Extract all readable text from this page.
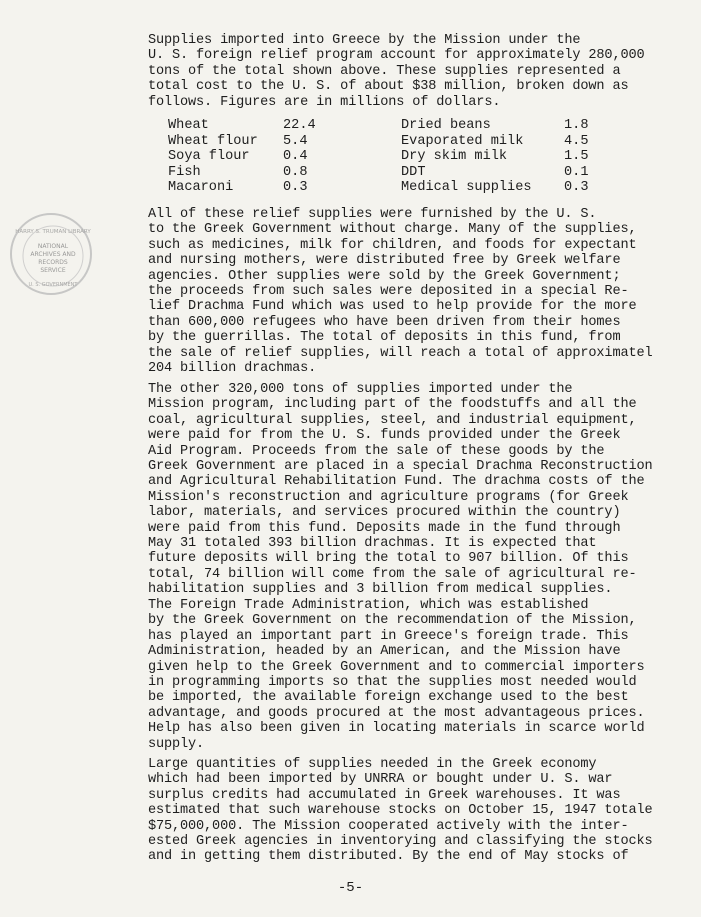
HARRY S. TRUMAN LIBRARY
NATIONAL
ARCHIVES AND
RECORDS
SERVICE
U. S. GOVERNMENT

Supplies imported into Greece by the Mission under the
U. S. foreign relief program account for approximately 280,000
tons of the total shown above. These supplies represented a
total cost to the U. S. of about $38 million, broken down as
follows. Figures are in millions of dollars.

Wheat	22.4	Dried beans	1.8
Wheat flour	5.4	Evaporated milk	4.5
Soya flour	0.4	Dry skim milk	1.5
Fish	0.8	DDT	0.1
Macaroni	0.3	Medical supplies	0.3

All of these relief supplies were furnished by the U. S.
to the Greek Government without charge. Many of the supplies,
such as medicines, milk for children, and foods for expectant
and nursing mothers, were distributed free by Greek welfare
agencies. Other supplies were sold by the Greek Government;
the proceeds from such sales were deposited in a special Re-
lief Drachma Fund which was used to help provide for the more
than 600,000 refugees who have been driven from their homes
by the guerrillas. The total of deposits in this fund, from
the sale of relief supplies, will reach a total of approximatel
204 billion drachmas.

The other 320,000 tons of supplies imported under the
Mission program, including part of the foodstuffs and all the
coal, agricultural supplies, steel, and industrial equipment,
were paid for from the U. S. funds provided under the Greek
Aid Program. Proceeds from the sale of these goods by the
Greek Government are placed in a special Drachma Reconstruction
and Agricultural Rehabilitation Fund. The drachma costs of the
Mission's reconstruction and agriculture programs (for Greek
labor, materials, and services procured within the country)
were paid from this fund. Deposits made in the fund through
May 31 totaled 393 billion drachmas. It is expected that
future deposits will bring the total to 907 billion. Of this
total, 74 billion will come from the sale of agricultural re-
habilitation supplies and 3 billion from medical supplies.

The Foreign Trade Administration, which was established
by the Greek Government on the recommendation of the Mission,
has played an important part in Greece's foreign trade. This
Administration, headed by an American, and the Mission have
given help to the Greek Government and to commercial importers
in programming imports so that the supplies most needed would
be imported, the available foreign exchange used to the best
advantage, and goods procured at the most advantageous prices.
Help has also been given in locating materials in scarce world
supply.

Large quantities of supplies needed in the Greek economy
which had been imported by UNRRA or bought under U. S. war
surplus credits had accumulated in Greek warehouses. It was
estimated that such warehouse stocks on October 15, 1947 totale
$75,000,000. The Mission cooperated actively with the inter-
ested Greek agencies in inventorying and classifying the stocks
and in getting them distributed. By the end of May stocks of

-5-
